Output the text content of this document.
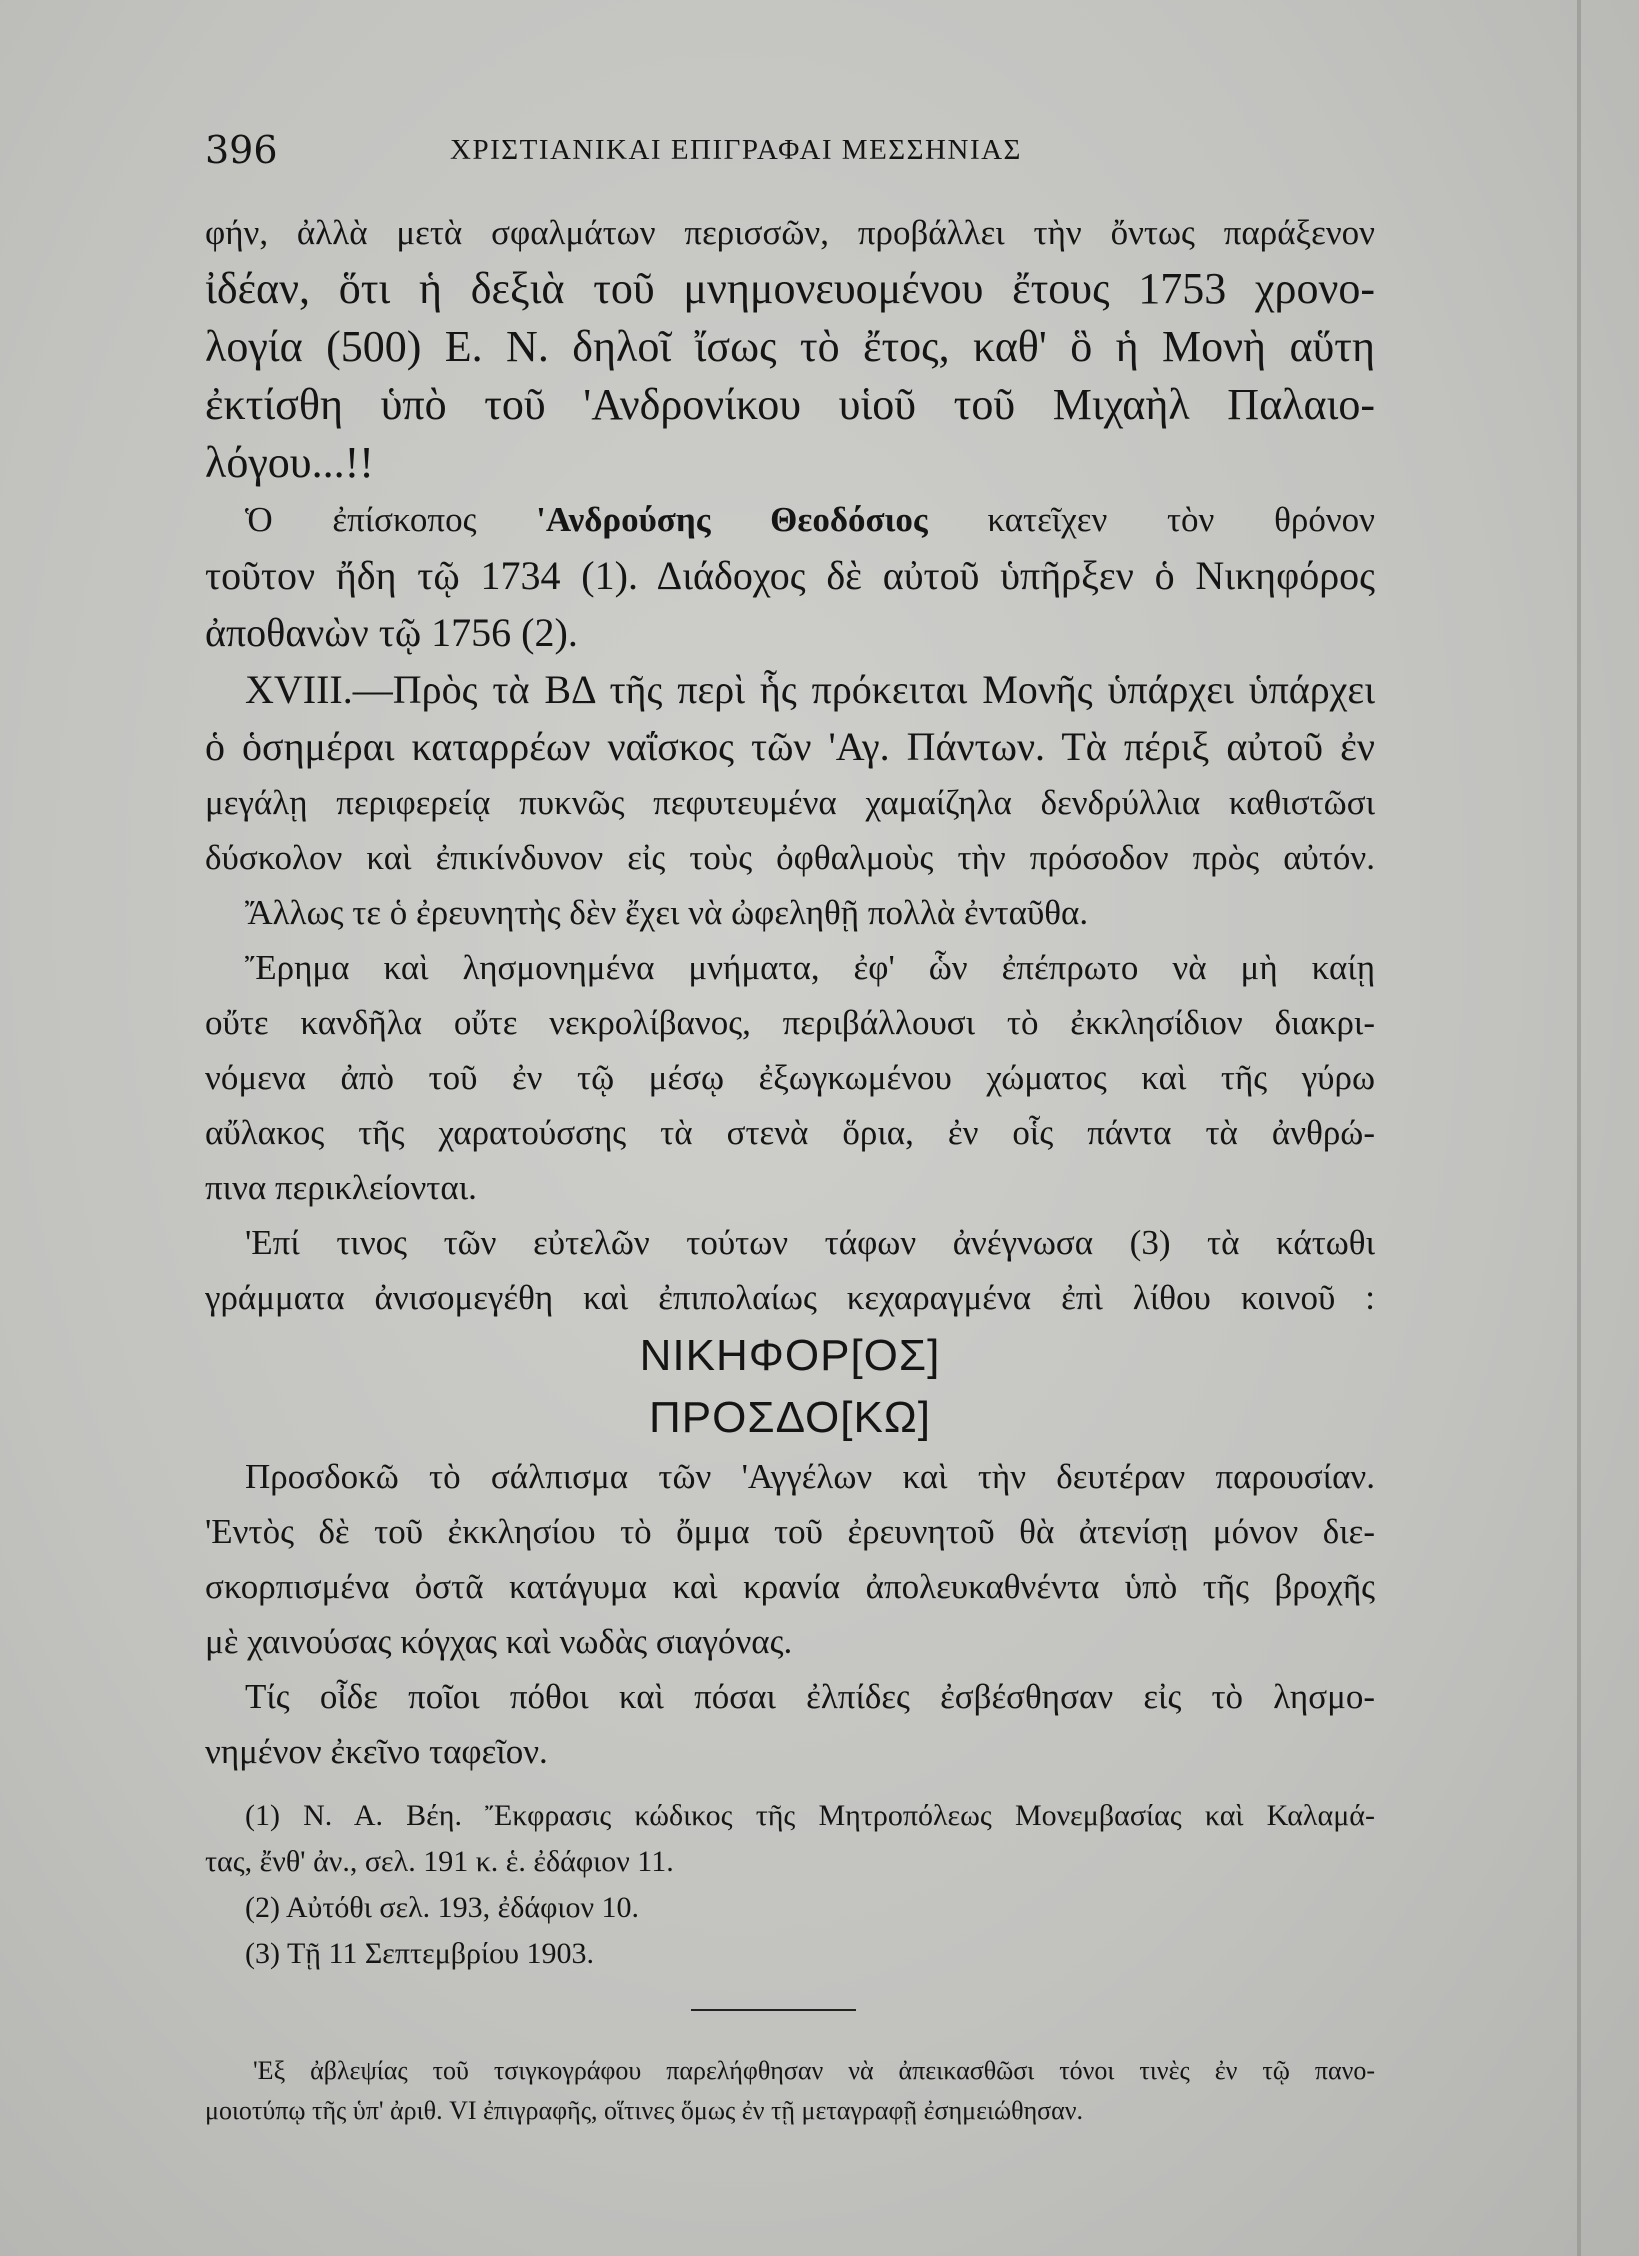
396	ΧΡΙΣΤΙΑΝΙΚΑΙ ΕΠΙΓΡΑΦΑΙ ΜΕΣΣΗΝΙΑΣ
φήν, ἀλλὰ μετὰ σφαλμάτων περισσῶν, προβάλλει τὴν ὄντως παράξενον
ἰδέαν, ὅτι ἡ δεξιὰ τοῦ μνημονευομένου ἔτους 1753 χρονο-
λογία (500) Ε. Ν. δηλοῖ ἴσως τὸ ἔτος, καθ' ὃ ἡ Μονὴ αὕτη
ἐκτίσθη ὑπὸ τοῦ 'Ανδρονίκου υἱοῦ τοῦ Μιχαὴλ Παλαιο-
λόγου...!!
Ὁ ἐπίσκοπος 'Ανδρούσης Θεοδόσιος κατεῖχεν τὸν θρόνον
τοῦτον ἤδη τῷ 1734 (1). Διάδοχος δὲ αὐτοῦ ὑπῆρξεν ὁ Νικηφόρος
ἀποθανὼν τῷ 1756 (2).
XVIII.—Πρὸς τὰ ΒΔ τῆς περὶ ἧς πρόκειται Μονῆς ὑπάρχει ὑπάρχει
ὁ ὁσημέραι καταρρέων ναΐσκος τῶν 'Αγ. Πάντων. Τὰ πέριξ αὐτοῦ ἐν
μεγάλῃ περιφερείᾳ πυκνῶς πεφυτευμένα χαμαίζηλα δενδρύλλια καθιστῶσι
δύσκολον καὶ ἐπικίνδυνον εἰς τοὺς ὀφθαλμοὺς τὴν πρόσοδον πρὸς αὐτόν.
Ἄλλως τε ὁ ἐρευνητὴς δὲν ἔχει νὰ ὠφεληθῇ πολλὰ ἐνταῦθα.
Ἔρημα καὶ λησμονημένα μνήματα, ἐφ' ὧν ἐπέπρωτο νὰ μὴ καίῃ
οὔτε κανδῆλα οὔτε νεκρολίβανος, περιβάλλουσι τὸ ἐκκλησίδιον διακρι-
νόμενα ἀπὸ τοῦ ἐν τῷ μέσῳ ἐξωγκωμένου χώματος καὶ τῆς γύρω
αὔλακος τῆς χαρατούσσης τὰ στενὰ ὅρια, ἐν οἷς πάντα τὰ ἀνθρώ-
πινα περικλείονται.
'Επί τινος τῶν εὐτελῶν τούτων τάφων ἀνέγνωσα (3) τὰ κάτωθι
γράμματα ἀνισομεγέθη καὶ ἐπιπολαίως κεχαραγμένα ἐπὶ λίθου κοινοῦ :
ΝΙΚΗΦΟΡ[ΟΣ]
ΠΡΟΣΔΟ[ΚΩ]
Προσδοκῶ τὸ σάλπισμα τῶν 'Αγγέλων καὶ τὴν δευτέραν παρουσίαν.
'Εντὸς δὲ τοῦ ἐκκλησίου τὸ ὄμμα τοῦ ἐρευνητοῦ θὰ ἀτενίσῃ μόνον διε-
σκορπισμένα ὀστᾶ κατάγυμα καὶ κρανία ἀπολευκαθνέντα ὑπὸ τῆς βροχῆς
μὲ χαινούσας κόγχας καὶ νωδὰς σιαγόνας.
Τίς οἶδε ποῖοι πόθοι καὶ πόσαι ἐλπίδες ἐσβέσθησαν εἰς τὸ λησμο-
νημένον ἐκεῖνο ταφεῖον.
(1) Ν. Α. Βέη. Ἔκφρασις κώδικος τῆς Μητροπόλεως Μονεμβασίας καὶ Καλαμά-
τας, ἔνθ' ἀν., σελ. 191 κ. ἑ. ἐδάφιον 11.
(2) Αὐτόθι σελ. 193, ἐδάφιον 10.
(3) Τῇ 11 Σεπτεμβρίου 1903.
'Εξ ἀβλεψίας τοῦ τσιγκογράφου παρελήφθησαν νὰ ἀπεικασθῶσι τόνοι τινὲς ἐν τῷ πανο-
μοιοτύπῳ τῆς ὑπ' ἀριθ. VI ἐπιγραφῆς, οἵτινες ὅμως ἐν τῇ μεταγραφῇ ἐσημειώθησαν.
